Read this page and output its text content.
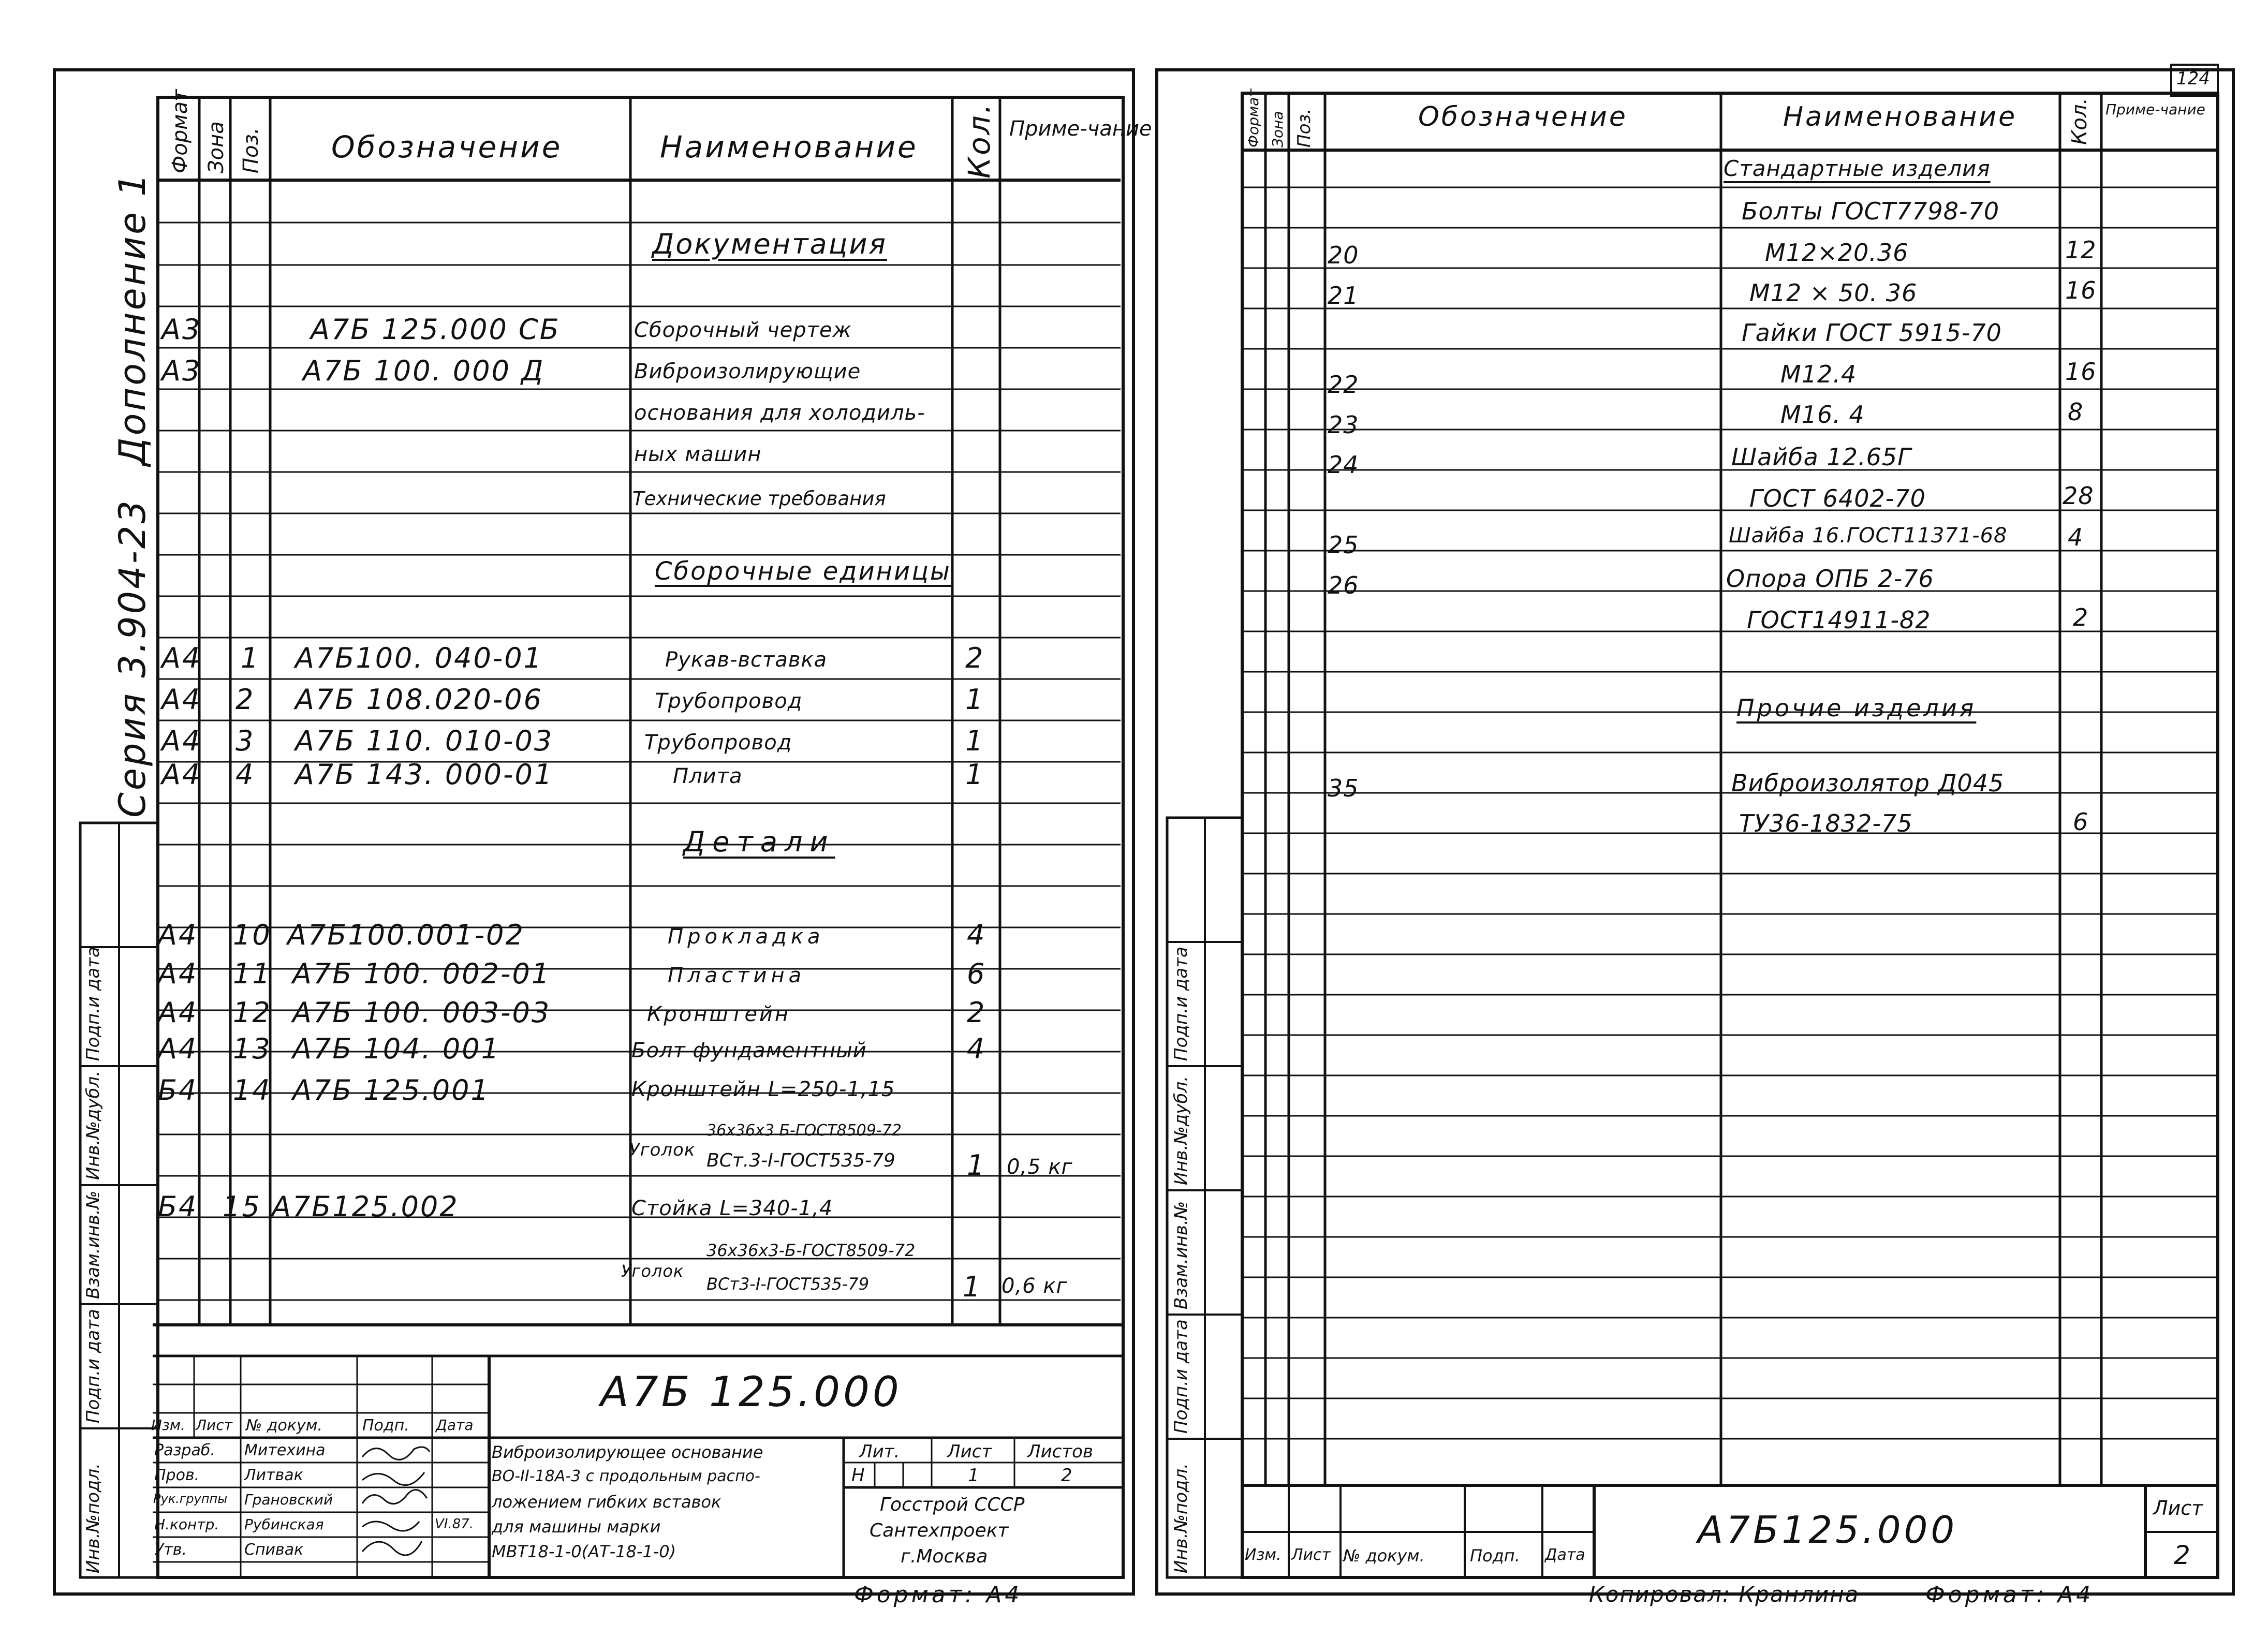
Дополнение 1
Серия 3.904-23
Формат Зона Поз. Обозначение	Наименование Кол. Приме-чание
Документация
Сборочные единицы
Детали
А3	А7Б 125.000 СБ	Сборочный чертеж
А3	А7Б 100. 000 Д	Виброизолирующие
основания для холодиль-
ных машин
Технические требования
А4 1 А7Б100. 040-01	Рукав-вставка	2
А4 2 А7Б 108.020-06	Трубопровод	1
А4 3 А7Б 110. 010-03	Трубопровод	1
А4 4 А7Б 143. 000-01	Плита	1
А4 10 А7Б100.001-02	Прокладка	4
А4 11 А7Б 100. 002-01	Пластина	6
А4 12 А7Б 100. 003-03	Кронштейн	2
А4 13 А7Б 104. 001	Болт фундаментный	4
Б4 14 А7Б 125.001	Кронштейн L=250-1,15
Уголок
36х36х3 Б-ГОСТ8509-72
ВСт.3-I-ГОСТ535-79	1 0,5 кг
Б4 15 А7Б125.002	Стойка L=340-1,4
Уголок
36х36х3-Б-ГОСТ8509-72
ВСт3-I-ГОСТ535-79	1 0,6 кг
Инв.№подл.
Подп.и дата
Взам.инв.№
Инв.№дубл.
Подп.и дата
А7Б 125.000
Изм. Лист № докум.	Подп. Дата
Разраб. Митехина
Пров.	Литвак
Рук.группы Грановский
Н.контр. Рубинская	VI.87.
Утв.	Спивак
Виброизолирующее основание
ВО-II-18А-3 с продольным распо-
ложением гибких вставок
для машины марки
МВТ18-1-0(АТ-18-1-0)
Лит.	Лист Листов
Н	1	2
Госстрой СССР
Сантехпроект
г.Москва
Формат: А4
124
Формат Зона Поз.	Обозначение	Наименование Кол. Приме-чание
Стандартные изделия
Прочие изделия
Болты ГОСТ7798-70
20	М12×20.36	12
21	М12 × 50. 36	16
Гайки ГОСТ 5915-70
22	М12.4	16
23	М16. 4	8
24	Шайба 12.65Г
ГОСТ 6402-70	28
25	Шайба 16.ГОСТ11371-68	4
26	Опора ОПБ 2-76
ГОСТ14911-82	2
35	Виброизолятор Д045
ТУ36-1832-75	6
Инв.№подл.
Подп.и дата
Взам.инв.№
Инв.№дубл.
Подп.и дата
Изм. Лист № докум.	Подп. Дата
А7Б125.000	Лист
2
Копировал: Кранлина	Формат: А4
